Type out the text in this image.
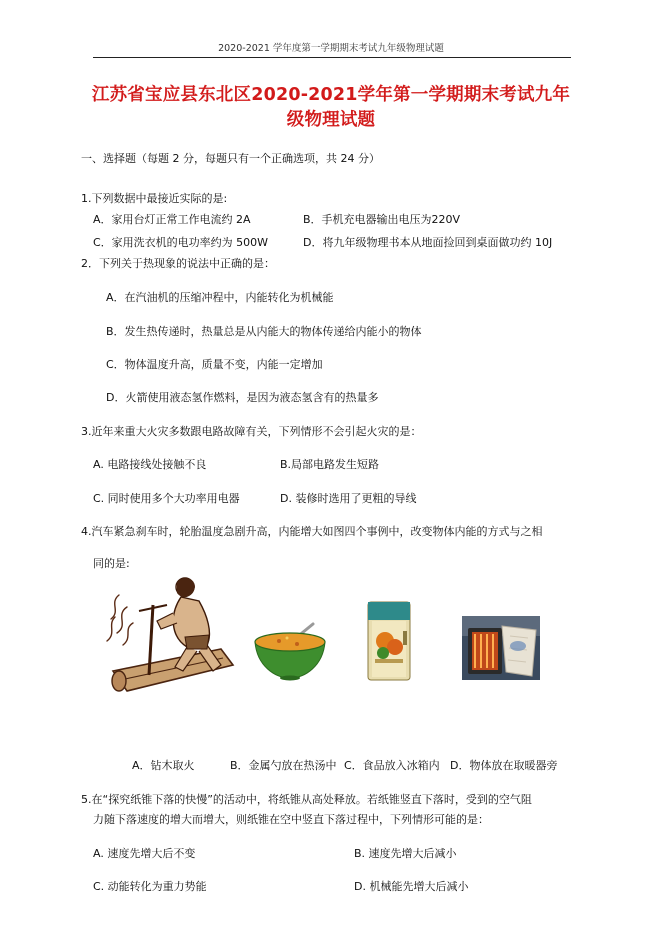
2020-2021 学年度第一学期期末考试九年级物理试题
江苏省宝应县东北区2020-2021学年第一学期期末考试九年
级物理试题
一、选择题（每题 2 分，每题只有一个正确选项，共 24 分）
1.下列数据中最接近实际的是:
A．家用台灯正常工作电流约 2A	B．手机充电器输出电压为220V
C．家用洗衣机的电功率约为 500W	D．将九年级物理书本从地面捡回到桌面做功约 10J
2．下列关于热现象的说法中正确的是：
A．在汽油机的压缩冲程中，内能转化为机械能
B．发生热传递时，热量总是从内能大的物体传递给内能小的物体
C．物体温度升高，质量不变，内能一定增加
D．火箭使用液态氢作燃料，是因为液态氢含有的热量多
3.近年来重大火灾多数跟电路故障有关，下列情形不会引起火灾的是：
A. 电路接线处接触不良	B.局部电路发生短路
C. 同时使用多个大功率用电器	D. 装修时选用了更粗的导线
4.汽车紧急刹车时，轮胎温度急剧升高，内能增大如图四个事例中，改变物体内能的方式与之相
同的是:
A．钻木取火	B．金属勺放在热汤中 C．食品放入冰箱内 D．物体放在取暖器旁
5.在“探究纸锥下落的快慢”的活动中，将纸锥从高处释放。若纸锥竖直下落时，受到的空气阻
力随下落速度的增大而增大，则纸锥在空中竖直下落过程中，下列情形可能的是：
A. 速度先增大后不变	B. 速度先增大后减小
C. 动能转化为重力势能	D. 机械能先增大后减小
